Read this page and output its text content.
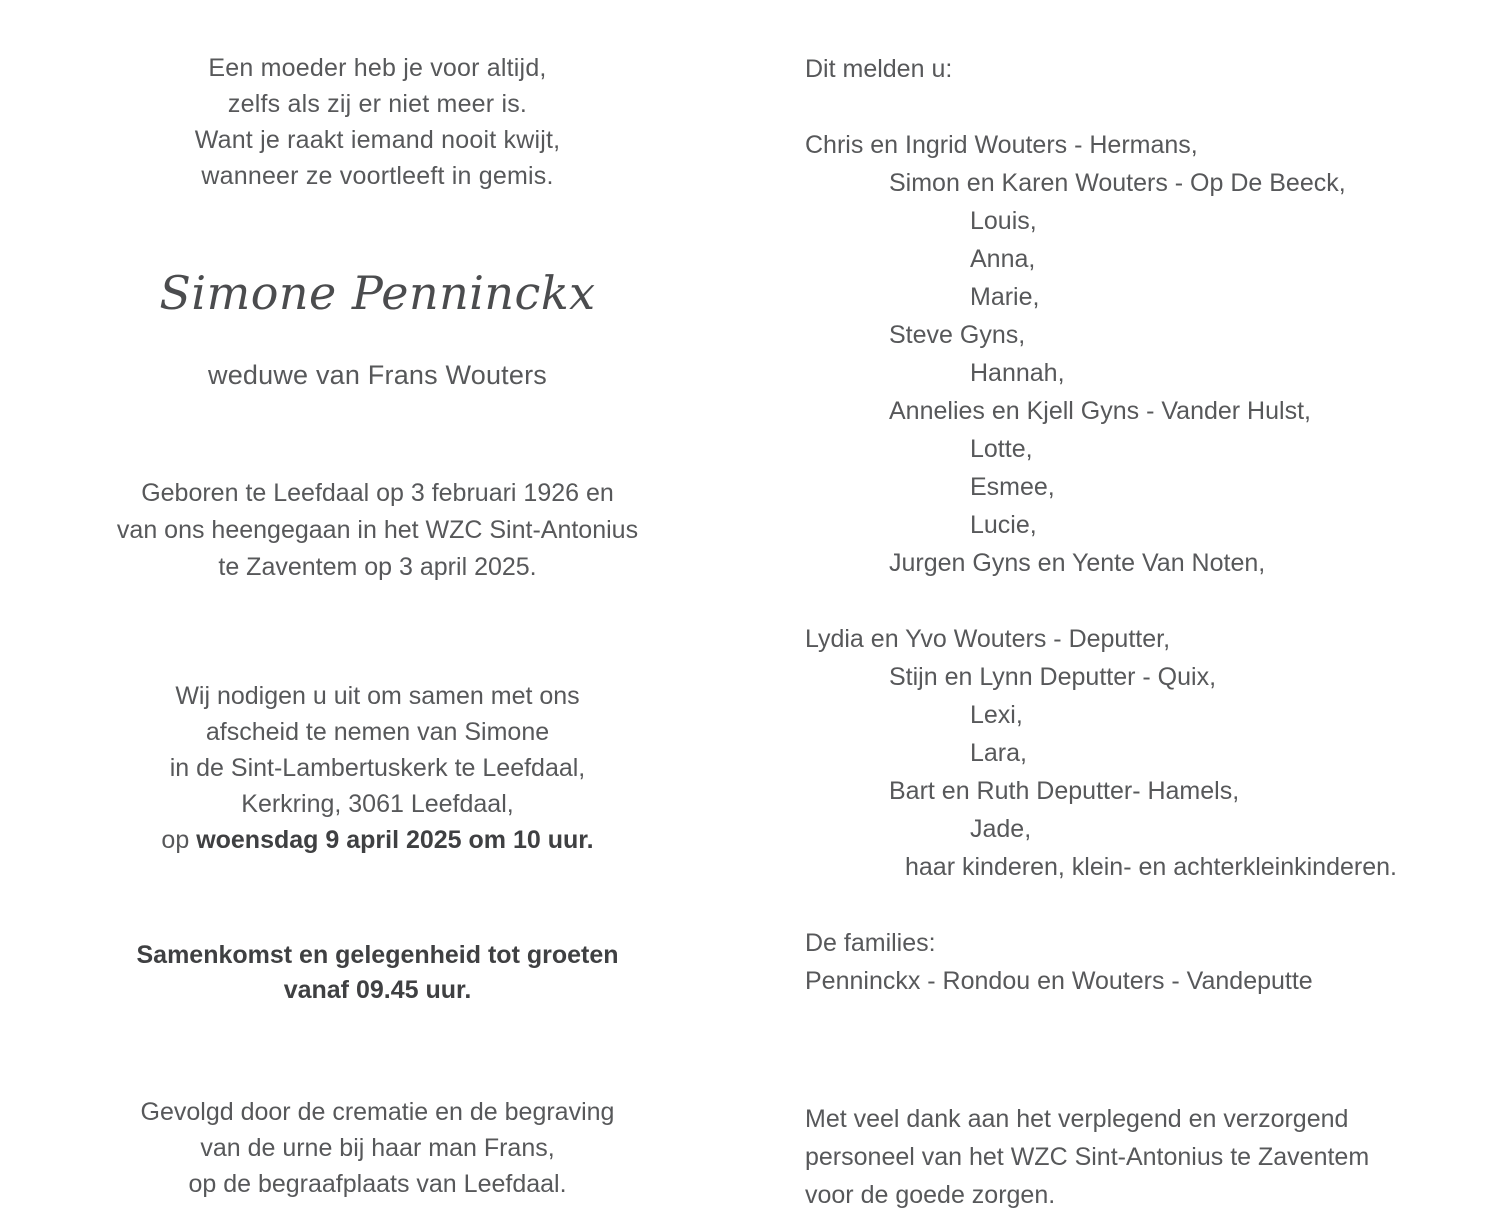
Een moeder heb je voor altijd,
zelfs als zij er niet meer is.
Want je raakt iemand nooit kwijt,
wanneer ze voortleeft in gemis.
Simone Penninckx
weduwe van Frans Wouters
Geboren te Leefdaal op 3 februari 1926 en
van ons heengegaan in het WZC Sint-Antonius
te Zaventem op 3 april 2025.
Wij nodigen u uit om samen met ons
afscheid te nemen van Simone
in de Sint-Lambertuskerk te Leefdaal,
Kerkring, 3061 Leefdaal,
op woensdag 9 april 2025 om 10 uur.
Samenkomst en gelegenheid tot groeten
vanaf 09.45 uur.
Gevolgd door de crematie en de begraving
van de urne bij haar man Frans,
op de begraafplaats van Leefdaal.
Dit melden u:
Chris en Ingrid Wouters - Hermans,
Simon en Karen Wouters - Op De Beeck,
Louis,
Anna,
Marie,
Steve Gyns,
Hannah,
Annelies en Kjell Gyns - Vander Hulst,
Lotte,
Esmee,
Lucie,
Jurgen Gyns en Yente Van Noten,
Lydia en Yvo Wouters - Deputter,
Stijn en Lynn Deputter - Quix,
Lexi,
Lara,
Bart en Ruth Deputter- Hamels,
Jade,
haar kinderen, klein- en achterkleinkinderen.
De families:
Penninckx - Rondou en Wouters - Vandeputte
Met veel dank aan het verplegend en verzorgend
personeel van het WZC Sint-Antonius te Zaventem
voor de goede zorgen.
